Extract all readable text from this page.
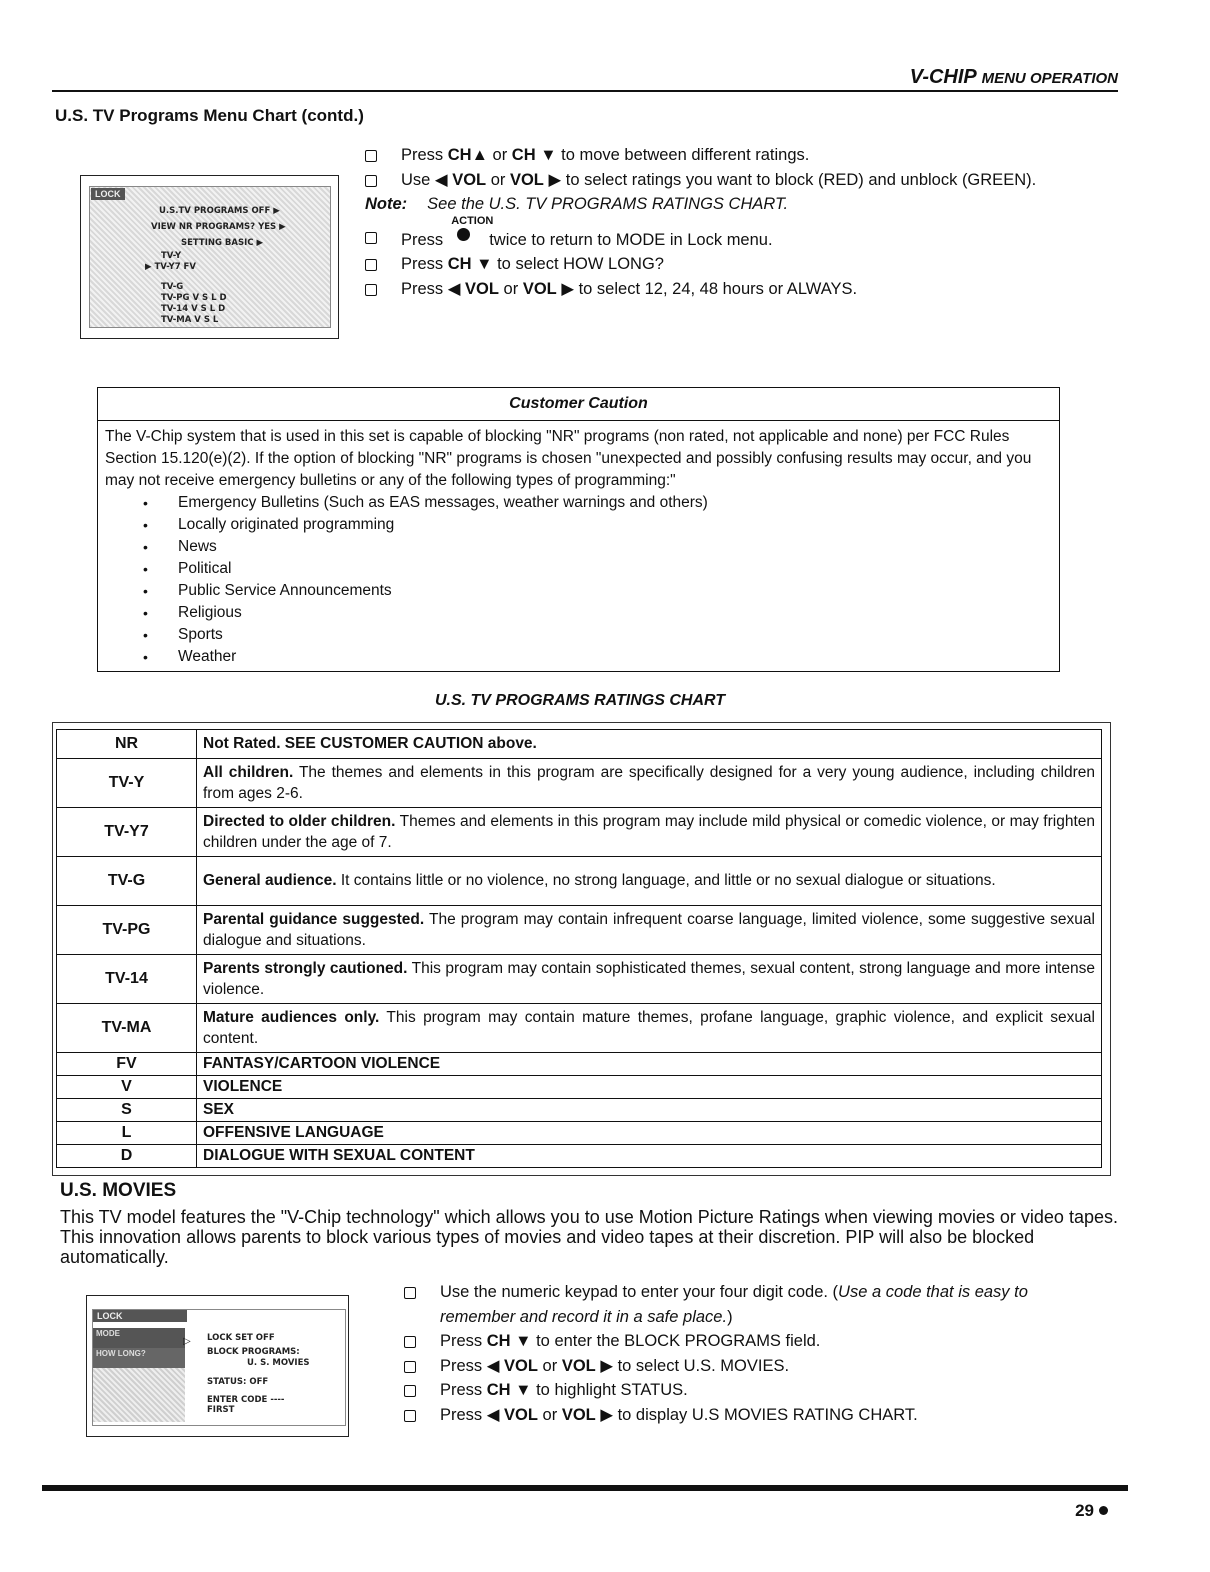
V-CHIP MENU OPERATION
U.S. TV Programs Menu Chart (contd.)
LOCK
U.S.TV PROGRAMS OFF ▶
VIEW NR PROGRAMS? YES ▶
SETTING BASIC ▶
TV-Y
▶ TV-Y7 FV
TV-G
TV-PG V S L D
TV-14 V S L D
TV-MA V S L
Press CH▲ or CH ▼ to move between different ratings.
Use ◀ VOL or VOL ▶ to select ratings you want to block (RED) and unblock (GREEN).
Note: See the U.S. TV PROGRAMS RATINGS CHART.
Press
ACTION
twice to return to MODE in Lock menu.
Press CH ▼ to select HOW LONG?
Press ◀ VOL or VOL ▶ to select 12, 24, 48 hours or ALWAYS.
Customer Caution
The V-Chip system that is used in this set is capable of blocking "NR" programs (non rated, not applicable and none) per FCC Rules Section 15.120(e)(2). If the option of blocking "NR" programs is chosen "unexpected and possibly confusing results may occur, and you may not receive emergency bulletins or any of the following types of programming:"
• Emergency Bulletins (Such as EAS messages, weather warnings and others)
• Locally originated programming
• News
• Political
• Public Service Announcements
• Religious
• Sports
• Weather
U.S. TV PROGRAMS RATINGS CHART
NR	Not Rated. SEE CUSTOMER CAUTION above.
TV-Y	All children. The themes and elements in this program are specifically designed for a very young audience, including children from ages 2-6.
TV-Y7	Directed to older children. Themes and elements in this program may include mild physical or comedic violence, or may frighten children under the age of 7.
TV-G	General audience. It contains little or no violence, no strong language, and little or no sexual dialogue or situations.
TV-PG	Parental guidance suggested. The program may contain infrequent coarse language, limited violence, some suggestive sexual dialogue and situations.
TV-14	Parents strongly cautioned. This program may contain sophisticated themes, sexual content, strong language and more intense violence.
TV-MA	Mature audiences only. This program may contain mature themes, profane language, graphic violence, and explicit sexual content.
FV	FANTASY/CARTOON VIOLENCE
V	VIOLENCE
S	SEX
L	OFFENSIVE LANGUAGE
D	DIALOGUE WITH SEXUAL CONTENT
U.S. MOVIES
This TV model features the "V-Chip technology" which allows you to use Motion Picture Ratings when viewing movies or video tapes. This innovation allows parents to block various types of movies and video tapes at their discretion. PIP will also be blocked automatically.
LOCK
MODE
HOW LONG?
▷ LOCK SET OFF
BLOCK PROGRAMS:
U. S. MOVIES
STATUS: OFF
ENTER CODE ----
FIRST
Use the numeric keypad to enter your four digit code. (Use a code that is easy to remember and record it in a safe place.)
Press CH ▼ to enter the BLOCK PROGRAMS field.
Press ◀ VOL or VOL ▶ to select U.S. MOVIES.
Press CH ▼ to highlight STATUS.
Press ◀ VOL or VOL ▶ to display U.S MOVIES RATING CHART.
29
